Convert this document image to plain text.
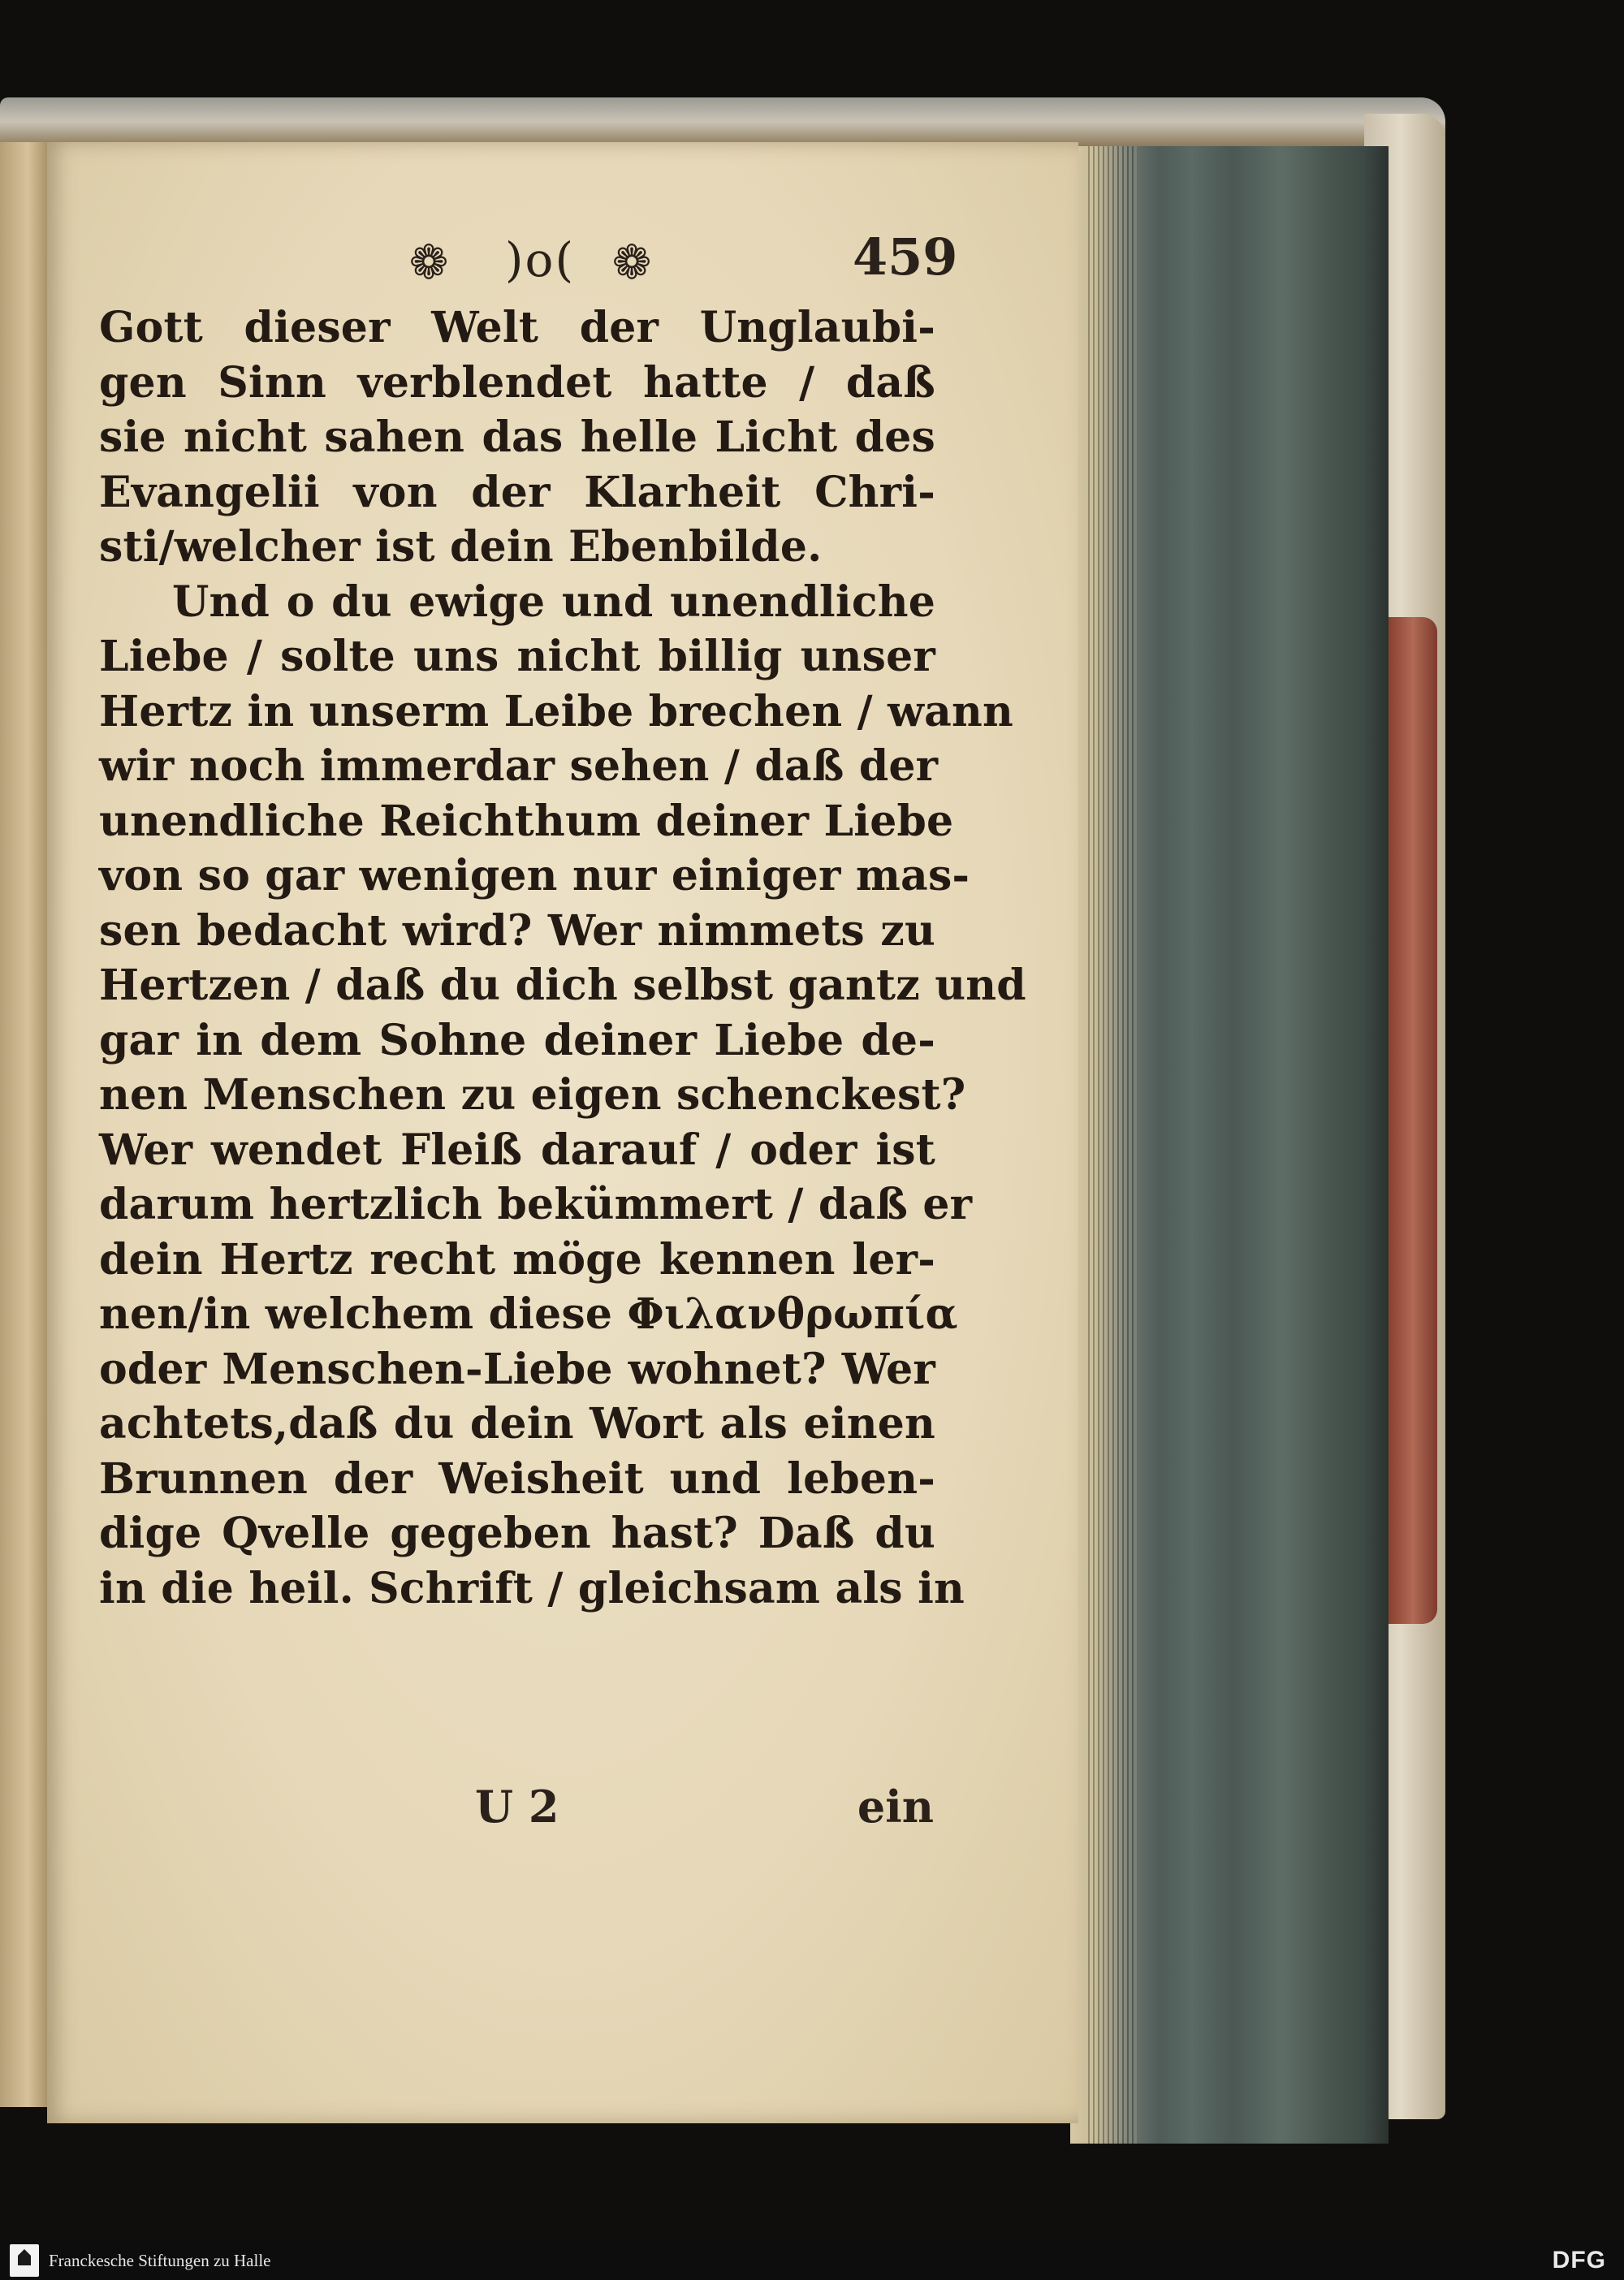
❁	)o( ❁	459
Gott dieser Welt der Unglaubi-
gen Sinn verblendet hatte / daß
sie nicht sahen das helle Licht des
Evangelii von der Klarheit Chri-
sti/welcher ist dein Ebenbilde.
Und o du ewige und unendliche
Liebe / solte uns nicht billig unser
Hertz in unserm Leibe brechen / wann
wir noch immerdar sehen / daß der
unendliche Reichthum deiner Liebe
von so gar wenigen nur einiger mas-
sen bedacht wird? Wer nimmets zu
Hertzen / daß du dich selbst gantz und
gar in dem Sohne deiner Liebe de-
nen Menschen zu eigen schenckest?
Wer wendet Fleiß darauf / oder ist
darum hertzlich bekümmert / daß er
dein Hertz recht möge kennen ler-
nen/in welchem diese Φιλανθρωπία
oder Menschen-Liebe wohnet? Wer
achtets,daß du dein Wort als einen
Brunnen der Weisheit und leben-
dige Qvelle gegeben hast? Daß du
in die heil. Schrift / gleichsam als in
U 2	ein
Franckesche Stiftungen zu Halle	DFG
